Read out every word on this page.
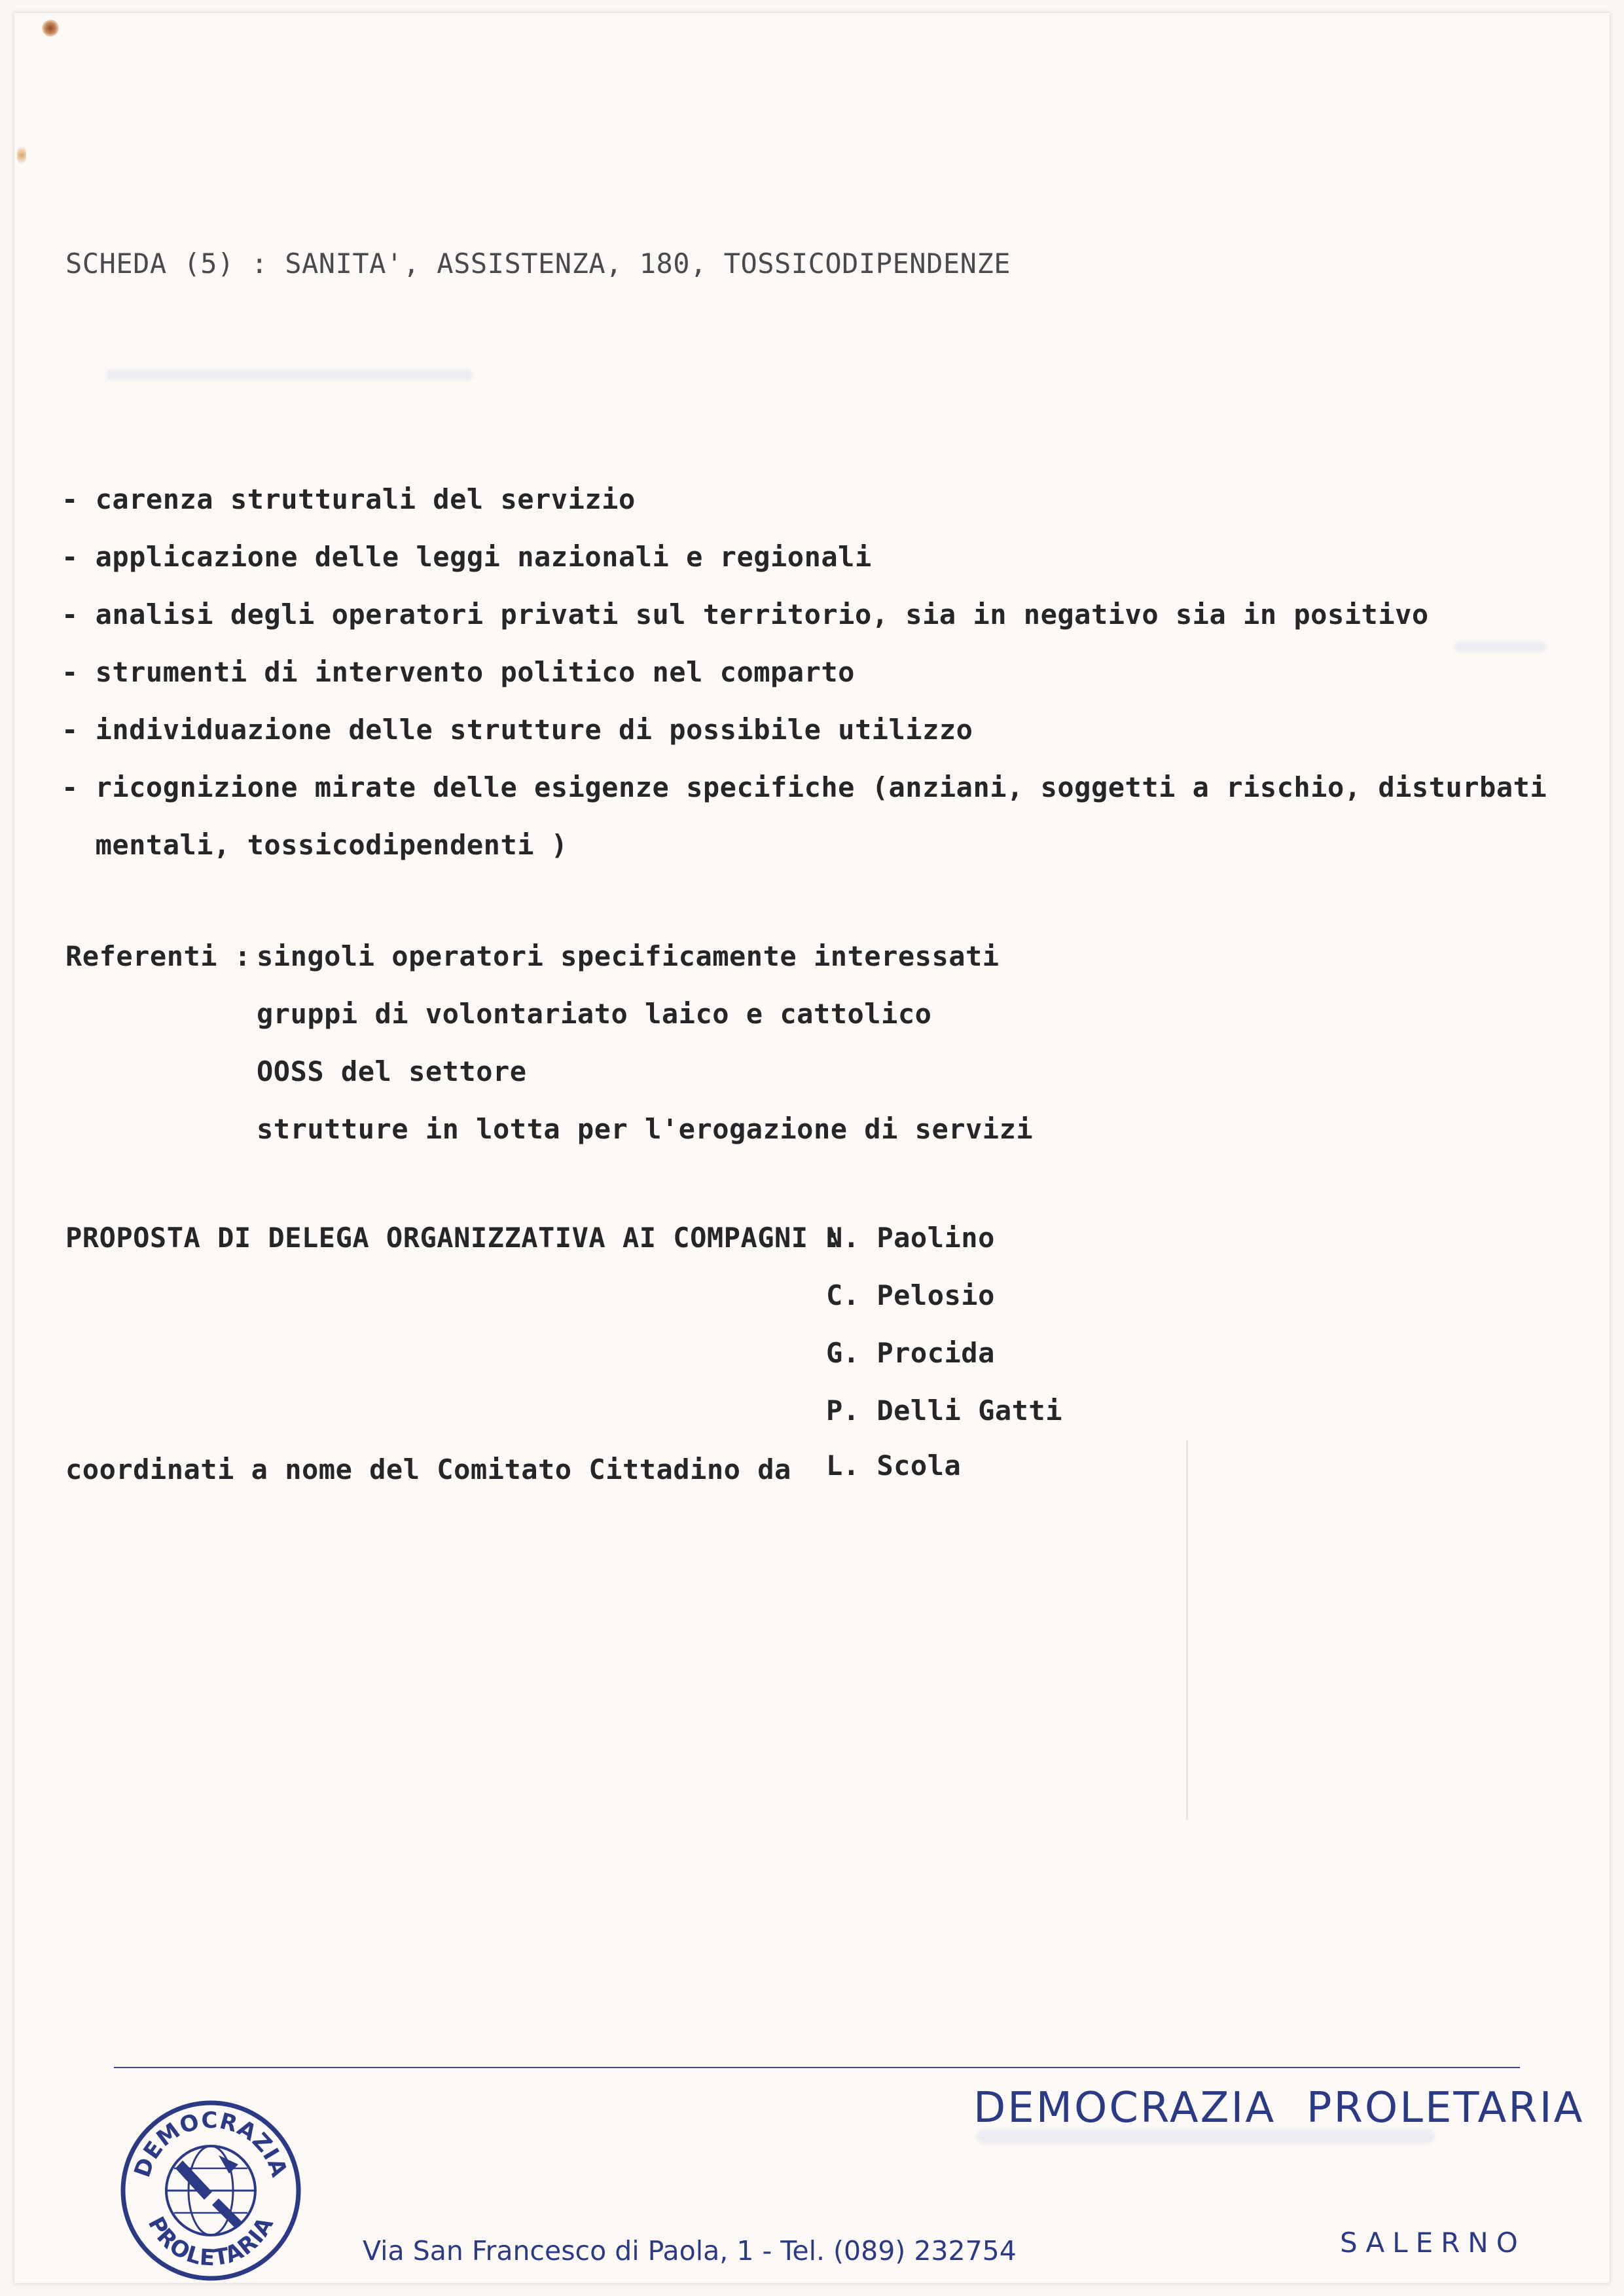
SCHEDA (5) : SANITA', ASSISTENZA, 180, TOSSICODIPENDENZE
- carenza strutturali del servizio
- applicazione delle leggi nazionali e regionali
- analisi degli operatori privati sul territorio, sia in negativo sia in positivo
- strumenti di intervento politico nel comparto
- individuazione delle strutture di possibile utilizzo
- ricognizione mirate delle esigenze specifiche (anziani, soggetti a rischio, disturbati
mentali, tossicodipendenti )
Referenti : singoli operatori specificamente interessati
gruppi di volontariato laico e cattolico
OOSS del settore
strutture in lotta per l'erogazione di servizi
PROPOSTA DI DELEGA ORGANIZZATIVA AI COMPAGNI :
N. Paolino
C. Pelosio
G. Procida
P. Delli Gatti
coordinati a nome del Comitato Cittadino da L. Scola
DEMOCRAZIA  PROLETARIA
DEMOCRAZIA
PROLETARIA
Via San Francesco di Paola, 1 - Tel. (089) 232754	SALERNO
